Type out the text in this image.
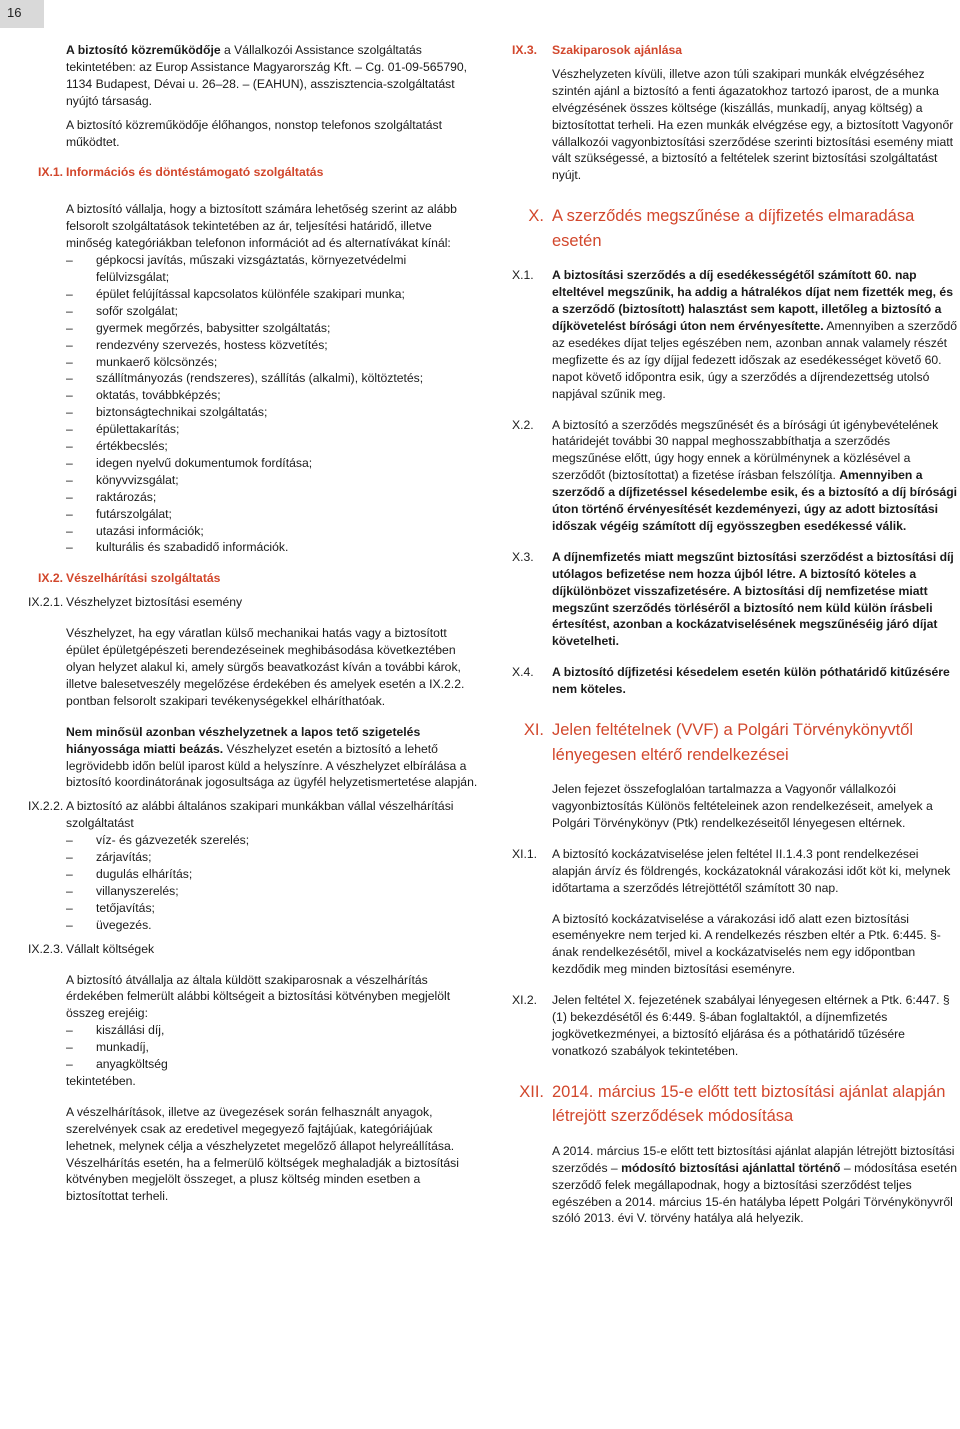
16
A biztosító közreműködője a Vállalkozói Assistance szolgáltatás tekintetében: az Europ Assistance Magyarország Kft. – Cg. 01-09-565790, 1134 Budapest, Dévai u. 26–28. – (EAHUN), asszisztencia-szolgáltatást nyújtó társaság.
A biztosító közreműködője élőhangos, nonstop telefonos szolgáltatást működtet.
IX.1. Információs és döntéstámogató szolgáltatás
A biztosító vállalja, hogy a biztosított számára lehetőség szerint az alább felsorolt szolgáltatások tekintetében az ár, teljesítési határidő, illetve minőség kategóriákban telefonon információt ad és alternatívákat kínál:
– gépkocsi javítás, műszaki vizsgáztatás, környezetvédelmi felülvizsgálat;
– épület felújítással kapcsolatos különféle szakipari munka;
– sofőr szolgálat;
– gyermek megőrzés, babysitter szolgáltatás;
– rendezvény szervezés, hostess közvetítés;
– munkaerő kölcsönzés;
– szállítmányozás (rendszeres), szállítás (alkalmi), költöztetés;
– oktatás, továbbképzés;
– biztonságtechnikai szolgáltatás;
– épülettakarítás;
– értékbecslés;
– idegen nyelvű dokumentumok fordítása;
– könyvvizsgálat;
– raktározás;
– futárszolgálat;
– utazási információk;
– kulturális és szabadidő információk.
IX.2. Vészelhárítási szolgáltatás
IX.2.1. Vészhelyzet biztosítási esemény
Vészhelyzet, ha egy váratlan külső mechanikai hatás vagy a biztosított épület épületgépészeti berendezéseinek meghibásodása következtében olyan helyzet alakul ki, amely sürgős beavatkozást kíván a további károk, illetve balesetveszély megelőzése érdekében és amelyek esetén a IX.2.2. pontban felsorolt szakipari tevékenységekkel elháríthatóak.
Nem minősül azonban vészhelyzetnek a lapos tető szigetelés hiányossága miatti beázás. Vészhelyzet esetén a biztosító a lehető legrövidebb időn belül iparost küld a helyszínre. A vészhelyzet elbírálása a biztosító koordinátorának jogosultsága az ügyfél helyzetismertetése alapján.
IX.2.2. A biztosító az alábbi általános szakipari munkákban vállal vészelhárítási szolgáltatást
– víz- és gázvezeték szerelés;
– zárjavítás;
– dugulás elhárítás;
– villanyszerelés;
– tetőjavítás;
– üvegezés.
IX.2.3. Vállalt költségek
A biztosító átvállalja az általa küldött szakiparosnak a vészelhárítás érdekében felmerült alábbi költségeit a biztosítási kötvényben megjelölt összeg erejéig:
– kiszállási díj,
– munkadíj,
– anyagköltség
tekintetében.
A vészelhárítások, illetve az üvegezések során felhasznált anyagok, szerelvények csak az eredetivel megegyező fajtájúak, kategóriájúak lehetnek, melynek célja a vészhelyzetet megelőző állapot helyreállítása. Vészelhárítás esetén, ha a felmerülő költségek meghaladják a biztosítási kötvényben megjelölt összeget, a plusz költség minden esetben a biztosítottat terheli.
IX.3.	Szakiparosok ajánlása
Vészhelyzeten kívüli, illetve azon túli szakipari munkák elvégzéséhez szintén ajánl a biztosító a fenti ágazatokhoz tartozó iparost, de a munka elvégzésének összes költsége (kiszállás, munkadíj, anyag költség) a biztosítottat terheli. Ha ezen munkák elvégzése egy, a biztosított Vagyonőr vállalkozói vagyonbiztosítási szerződése szerinti biztosítási esemény miatt vált szükségessé, a biztosító a feltételek szerint biztosítási szolgáltatást nyújt.
X. A szerződés megszűnése a díjfizetés elmaradása esetén
X.1.	A biztosítási szerződés a díj esedékességétől számított 60. nap elteltével megszűnik, ha addig a hátralékos díjat nem fizették meg, és a szerződő (biztosított) halasztást sem kapott, illetőleg a biztosító a díjkövetelést bírósági úton nem érvényesítette. Amennyiben a szerződő az esedékes díjat teljes egészében nem, azonban annak valamely részét megfizette és az így díjjal fedezett időszak az esedékességet követő 60. napot követő időpontra esik, úgy a szerződés a díjrendezettség utolsó napjával szűnik meg.
X.2.	A biztosító a szerződés megszűnését és a bírósági út igénybevételének határidejét további 30 nappal meghosszabbíthatja a szerződés megszűnése előtt, úgy hogy ennek a körülménynek a közlésével a szerződőt (biztosítottat) a fizetése írásban felszólítja. Amennyiben a szerződő a díjfizetéssel késedelembe esik, és a biztosító a díj bírósági úton történő érvényesítését kezdeményezi, úgy az adott biztosítási időszak végéig számított díj egyösszegben esedékessé válik.
X.3.	A díjnemfizetés miatt megszűnt biztosítási szerződést a biztosítási díj utólagos befizetése nem hozza újból létre. A biztosító köteles a díjkülönbözet visszafizetésére. A biztosítási díj nemfizetése miatt megszűnt szerződés törléséről a biztosító nem küld külön írásbeli értesítést, azonban a kockázatviselésének megszűnéséig járó díjat követelheti.
X.4.	A biztosító díjfizetési késedelem esetén külön póthatáridő kitűzésére nem köteles.
XI. Jelen feltételnek (VVF) a Polgári Törvénykönyvtől lényegesen eltérő rendelkezései
Jelen fejezet összefoglalóan tartalmazza a Vagyonőr vállalkozói vagyonbiztosítás Különös feltételeinek azon rendelkezéseit, amelyek a Polgári Törvénykönyv (Ptk) rendelkezéseitől lényegesen eltérnek.
XI.1.	A biztosító kockázatviselése jelen feltétel II.1.4.3 pont rendelkezései alapján árvíz és földrengés, kockázatoknál várakozási időt köt ki, melynek időtartama a szerződés létrejöttétől számított 30 nap.
A biztosító kockázatviselése a várakozási idő alatt ezen biztosítási eseményekre nem terjed ki. A rendelkezés részben eltér a Ptk. 6:445. §-ának rendelkezésétől, mivel a kockázatviselés nem egy időpontban kezdődik meg minden biztosítási eseményre.
XI.2.	Jelen feltétel X. fejezetének szabályai lényegesen eltérnek a Ptk. 6:447. § (1) bekezdésétől és 6:449. §-ában foglaltaktól, a díjnemfizetés jogkövetkezményei, a biztosító eljárása és a póthatáridő tűzésére vonatkozó szabályok tekintetében.
XII. 2014. március 15-e előtt tett biztosítási ajánlat alapján létrejött szerződések módosítása
A 2014. március 15-e előtt tett biztosítási ajánlat alapján létrejött biztosítási szerződés – módosító biztosítási ajánlattal történő – módosítása esetén szerződő felek megállapodnak, hogy a biztosítási szerződést teljes egészében a 2014. március 15-én hatályba lépett Polgári Törvénykönyvről szóló 2013. évi V. törvény hatálya alá helyezik.
